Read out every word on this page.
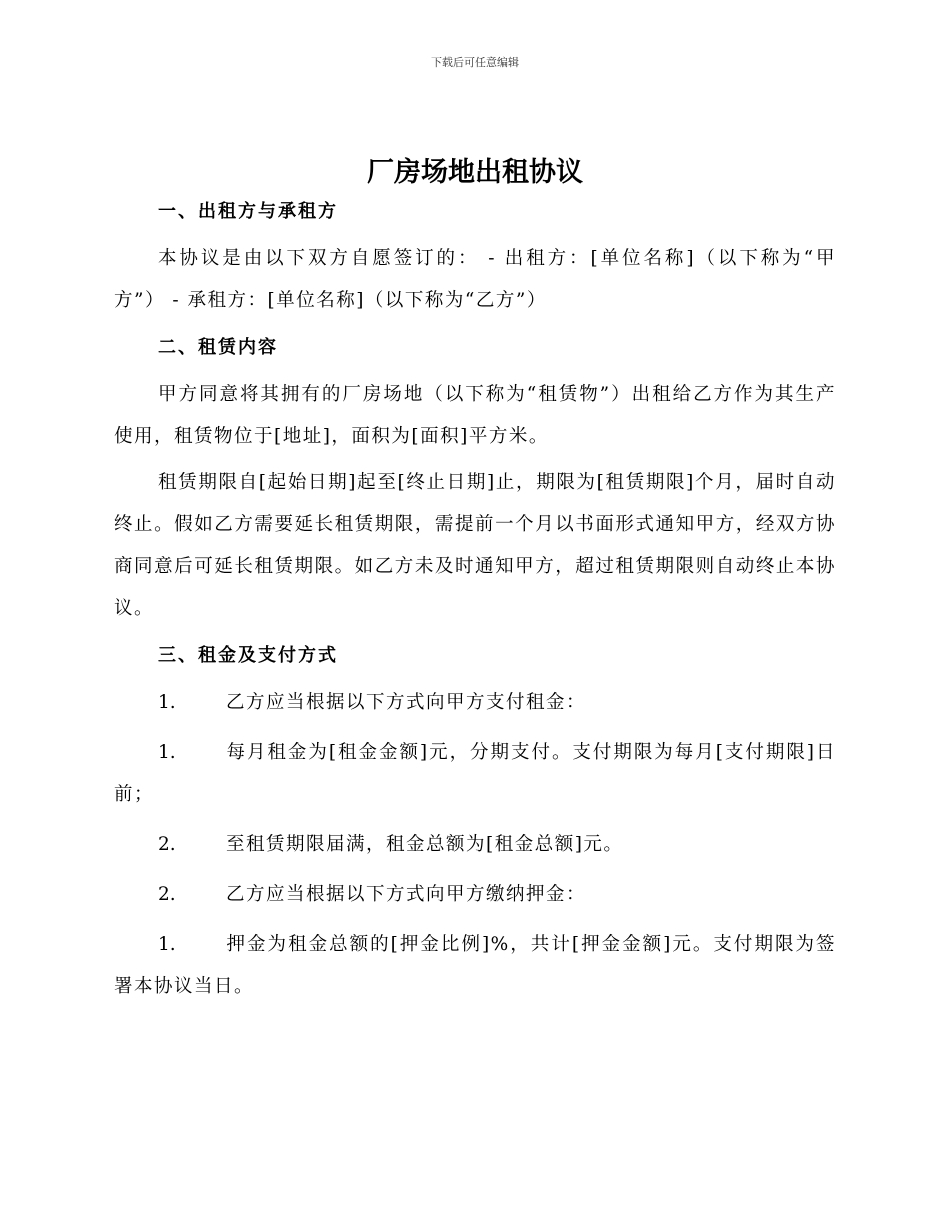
下载后可任意编辑
厂房场地出租协议
一、出租方与承租方

本协议是由以下双方自愿签订的： - 出租方：[单位名称]（以下称为“甲方”） - 承租方：[单位名称]（以下称为“乙方”）

二、租赁内容

甲方同意将其拥有的厂房场地（以下称为“租赁物”）出租给乙方作为其生产使用，租赁物位于[地址]，面积为[面积]平方米。

租赁期限自[起始日期]起至[终止日期]止，期限为[租赁期限]个月，届时自动终止。假如乙方需要延长租赁期限，需提前一个月以书面形式通知甲方，经双方协商同意后可延长租赁期限。如乙方未及时通知甲方，超过租赁期限则自动终止本协议。

三、租金及支付方式

1.	乙方应当根据以下方式向甲方支付租金：

1.	每月租金为[租金金额]元，分期支付。支付期限为每月[支付期限]日前；

2.	至租赁期限届满，租金总额为[租金总额]元。

2.	乙方应当根据以下方式向甲方缴纳押金：

1.	押金为租金总额的[押金比例]%，共计[押金金额]元。支付期限为签署本协议当日。
